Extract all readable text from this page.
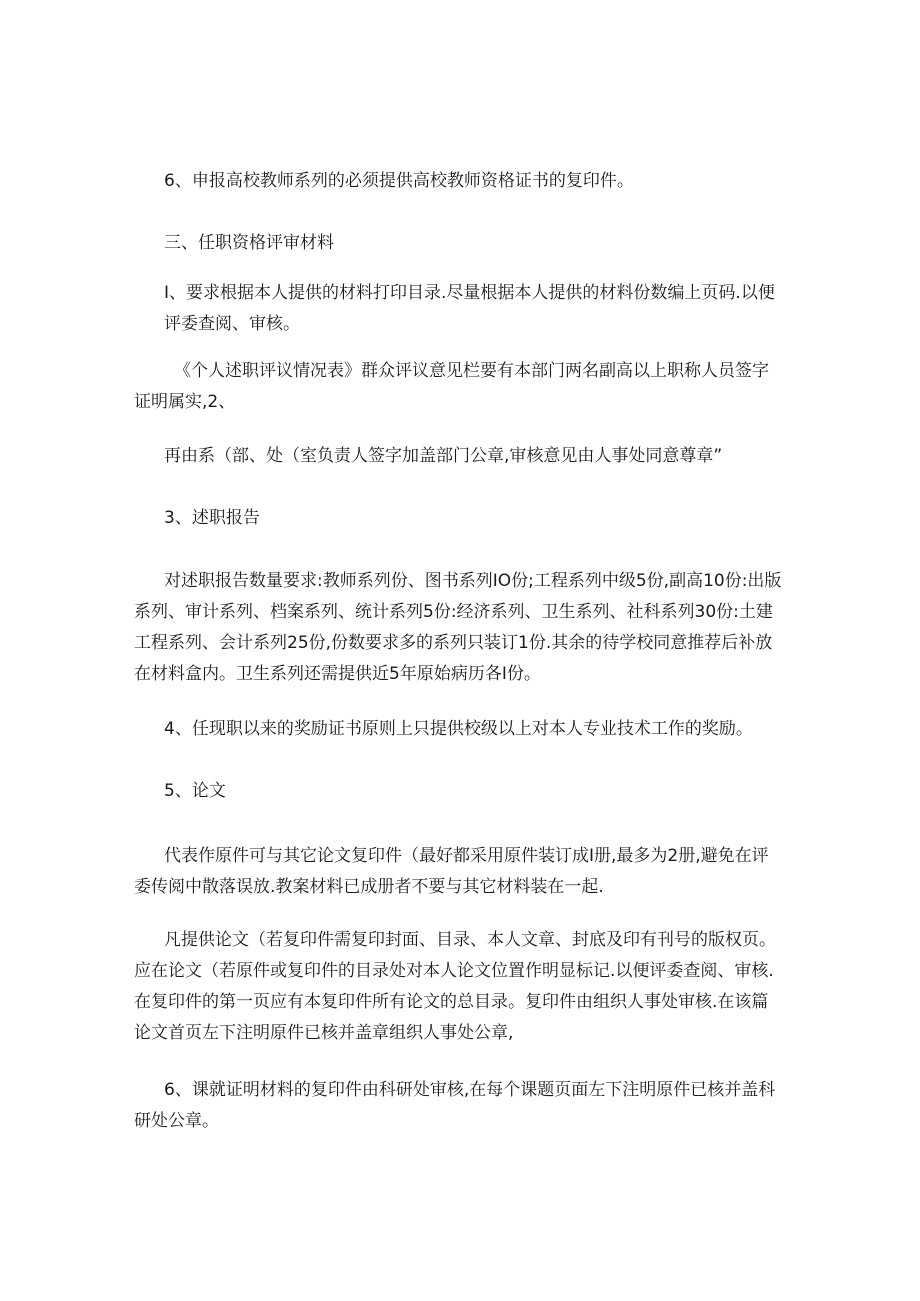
6、申报高校教师系列的必须提供高校教师资格证书的复印件。

三、任职资格评审材料

I、要求根据本人提供的材料打印目录.尽量根据本人提供的材料份数编上页码.以便评委查阅、审核。

《个人述职评议情况表》群众评议意见栏要有本部门两名副高以上职称人员签字证明属实,2、

再由系（部、处（室负责人签字加盖部门公章,审核意见由人事处同意尊章”

3、述职报告

对述职报告数量要求:教师系列份、图书系列IO份;工程系列中级5份,副高10份:出版系列、审计系列、档案系列、统计系列5份:经济系列、卫生系列、社科系列30份:土建工程系列、会计系列25份,份数要求多的系列只装订1份.其余的待学校同意推荐后补放在材料盒内。卫生系列还需提供近5年原始病历各I份。

4、任现职以来的奖励证书原则上只提供校级以上对本人专业技术工作的奖励。

5、论文

代表作原件可与其它论文复印件（最好都采用原件装订成I册,最多为2册,避免在评委传阅中散落误放.教案材料已成册者不要与其它材料装在一起.

凡提供论文（若复印件需复印封面、目录、本人文章、封底及印有刊号的版权页。应在论文（若原件或复印件的目录处对本人论文位置作明显标记.以便评委查阅、审核.在复印件的第一页应有本复印件所有论文的总目录。复印件由组织人事处审核.在该篇论文首页左下注明原件已核并盖章组织人事处公章,

6、课就证明材料的复印件由科研处审核,在每个课题页面左下注明原件已核并盖科研处公章。
